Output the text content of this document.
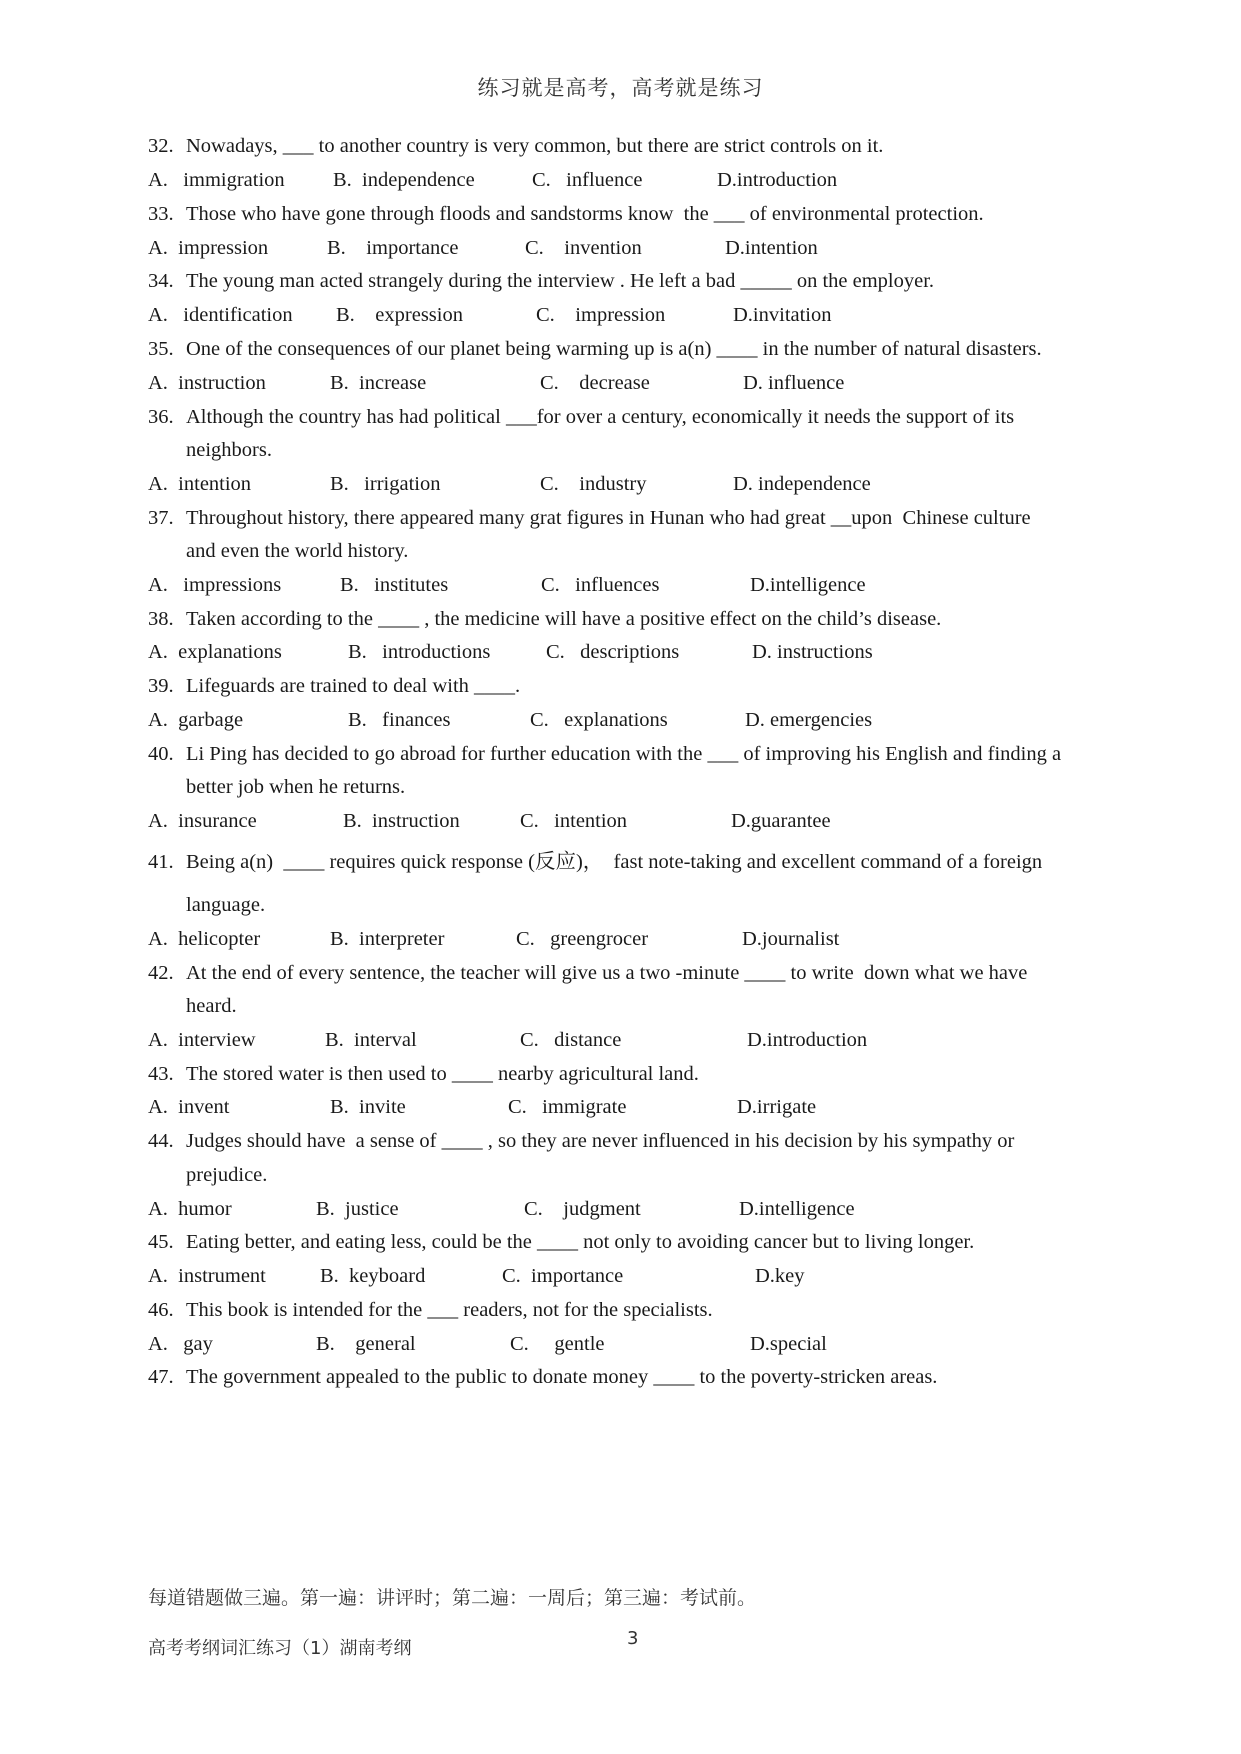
练习就是高考，高考就是练习
32. Nowadays, ___ to another country is very common, but there are strict controls on it.
A.   immigration B.  independence	C.   influence	D.introduction
33. Those who have gone through floods and sandstorms know  the ___ of environmental protection.
A.  impression	B.    importance	C.    invention	D.intention
34. The young man acted strangely during the interview . He left a bad _____ on the employer.
A.   identification B.    expression	C.    impression	D.invitation
35. One of the consequences of our planet being warming up is a(n) ____ in the number of natural disasters.
A.  instruction	B.  increase	C.    decrease	D. influence
36. Although the country has had political ___for over a century, economically it needs the support of its
neighbors.
A.  intention	B.   irrigation	C.    industry	D. independence
37. Throughout history, there appeared many grat figures in Hunan who had great __upon  Chinese culture
and even the world history.
A.   impressions	B.   institutes	C.   influences	D.intelligence
38. Taken according to the ____ , the medicine will have a positive effect on the child’s disease.
A.  explanations	B.   introductions	C.   descriptions	D. instructions
39. Lifeguards are trained to deal with ____.
A.  garbage	B.   finances	C.   explanations	D. emergencies
40. Li Ping has decided to go abroad for further education with the ___ of improving his English and finding a
better job when he returns.
A.  insurance	B.  instruction	C.   intention	D.guarantee
41. Being a(n)  ____ requires quick response (反应)，  fast note-taking and excellent command of a foreign
language.
A.  helicopter	B.  interpreter	C.   greengrocer	D.journalist
42. At the end of every sentence, the teacher will give us a two -minute ____ to write  down what we have
heard.
A.  interview	B.  interval	C.   distance	D.introduction
43. The stored water is then used to ____ nearby agricultural land.
A.  invent	B.  invite	C.   immigrate	D.irrigate
44. Judges should have  a sense of ____ , so they are never influenced in his decision by his sympathy or
prejudice.
A.  humor	B.  justice	C.    judgment	D.intelligence
45. Eating better, and eating less, could be the ____ not only to avoiding cancer but to living longer.
A.  instrument	B.  keyboard	C.  importance	D.key
46. This book is intended for the ___ readers, not for the specialists.
A.   gay	B.    general	C.     gentle	D.special
47. The government appealed to the public to donate money ____ to the poverty-stricken areas.
每道错题做三遍。第一遍：讲评时；第二遍：一周后；第三遍：考试前。
高考考纲词汇练习（1）湖南考纲	3
